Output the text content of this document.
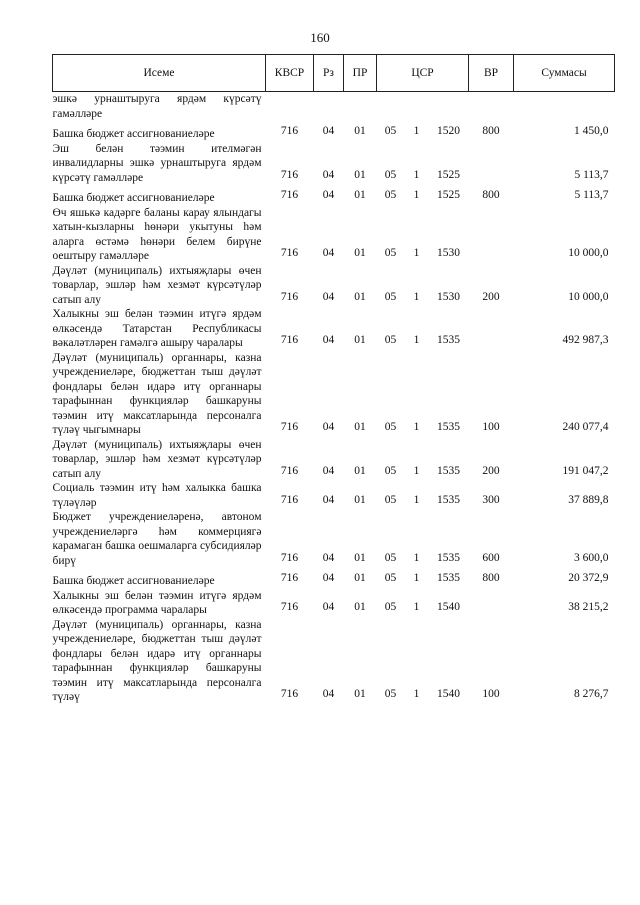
160
Исеме	КВСР	Рз	ПР	ЦСР			ВР	Суммасы
эшкә урнаштыруга ярдәм күрсәтү гамәлләре								
Башка бюджет ассигнованиеләре	716	04	01	05	1	1520	800	1 450,0
Эш белән тәэмин ителмәгән инвалидларны эшкә урнаштыруга ярдәм күрсәтү гамәлләре	716	04	01	05	1	1525		5 113,7
Башка бюджет ассигнованиеләре	716	04	01	05	1	1525	800	5 113,7
Өч яшькә кадәрге баланы карау ялындагы хатын-кызларны һөнәри укытуны һәм аларга өстәмә һөнәри белем бирүне оештыру гамәлләре	716	04	01	05	1	1530		10 000,0
Дәүләт (муниципаль) ихтыяҗлары өчен товарлар, эшләр һәм хезмәт күрсәтүләр сатып алу	716	04	01	05	1	1530	200	10 000,0
Халыкны эш белән тәэмин итүгә ярдәм өлкәсендә Татарстан Республикасы вәкаләтләрен гамәлгә ашыру чаралары	716	04	01	05	1	1535		492 987,3
Дәүләт (муниципаль) органнары, казна учреждениеләре, бюджеттан тыш дәүләт фондлары белән идарә итү органнары тарафыннан функцияләр башкаруны тәэмин итү максатларында персоналга түләү чыгымнары	716	04	01	05	1	1535	100	240 077,4
Дәүләт (муниципаль) ихтыяҗлары өчен товарлар, эшләр һәм хезмәт күрсәтүләр сатып алу	716	04	01	05	1	1535	200	191 047,2
Социаль тәэмин итү һәм халыкка башка түләүләр	716	04	01	05	1	1535	300	37 889,8
Бюджет учреждениеләренә, автоном учреждениеләргә һәм коммерциягә карамаган башка оешмаларга субсидияләр бирү	716	04	01	05	1	1535	600	3 600,0
Башка бюджет ассигнованиеләре	716	04	01	05	1	1535	800	20 372,9
Халыкны эш белән тәэмин итүгә ярдәм өлкәсендә программа чаралары	716	04	01	05	1	1540		38 215,2
Дәүләт (муниципаль) органнары, казна учреждениеләре, бюджеттан тыш дәүләт фондлары белән идарә итү органнары тарафыннан функцияләр башкаруны тәэмин итү максатларында персоналга түләү	716	04	01	05	1	1540	100	8 276,7
